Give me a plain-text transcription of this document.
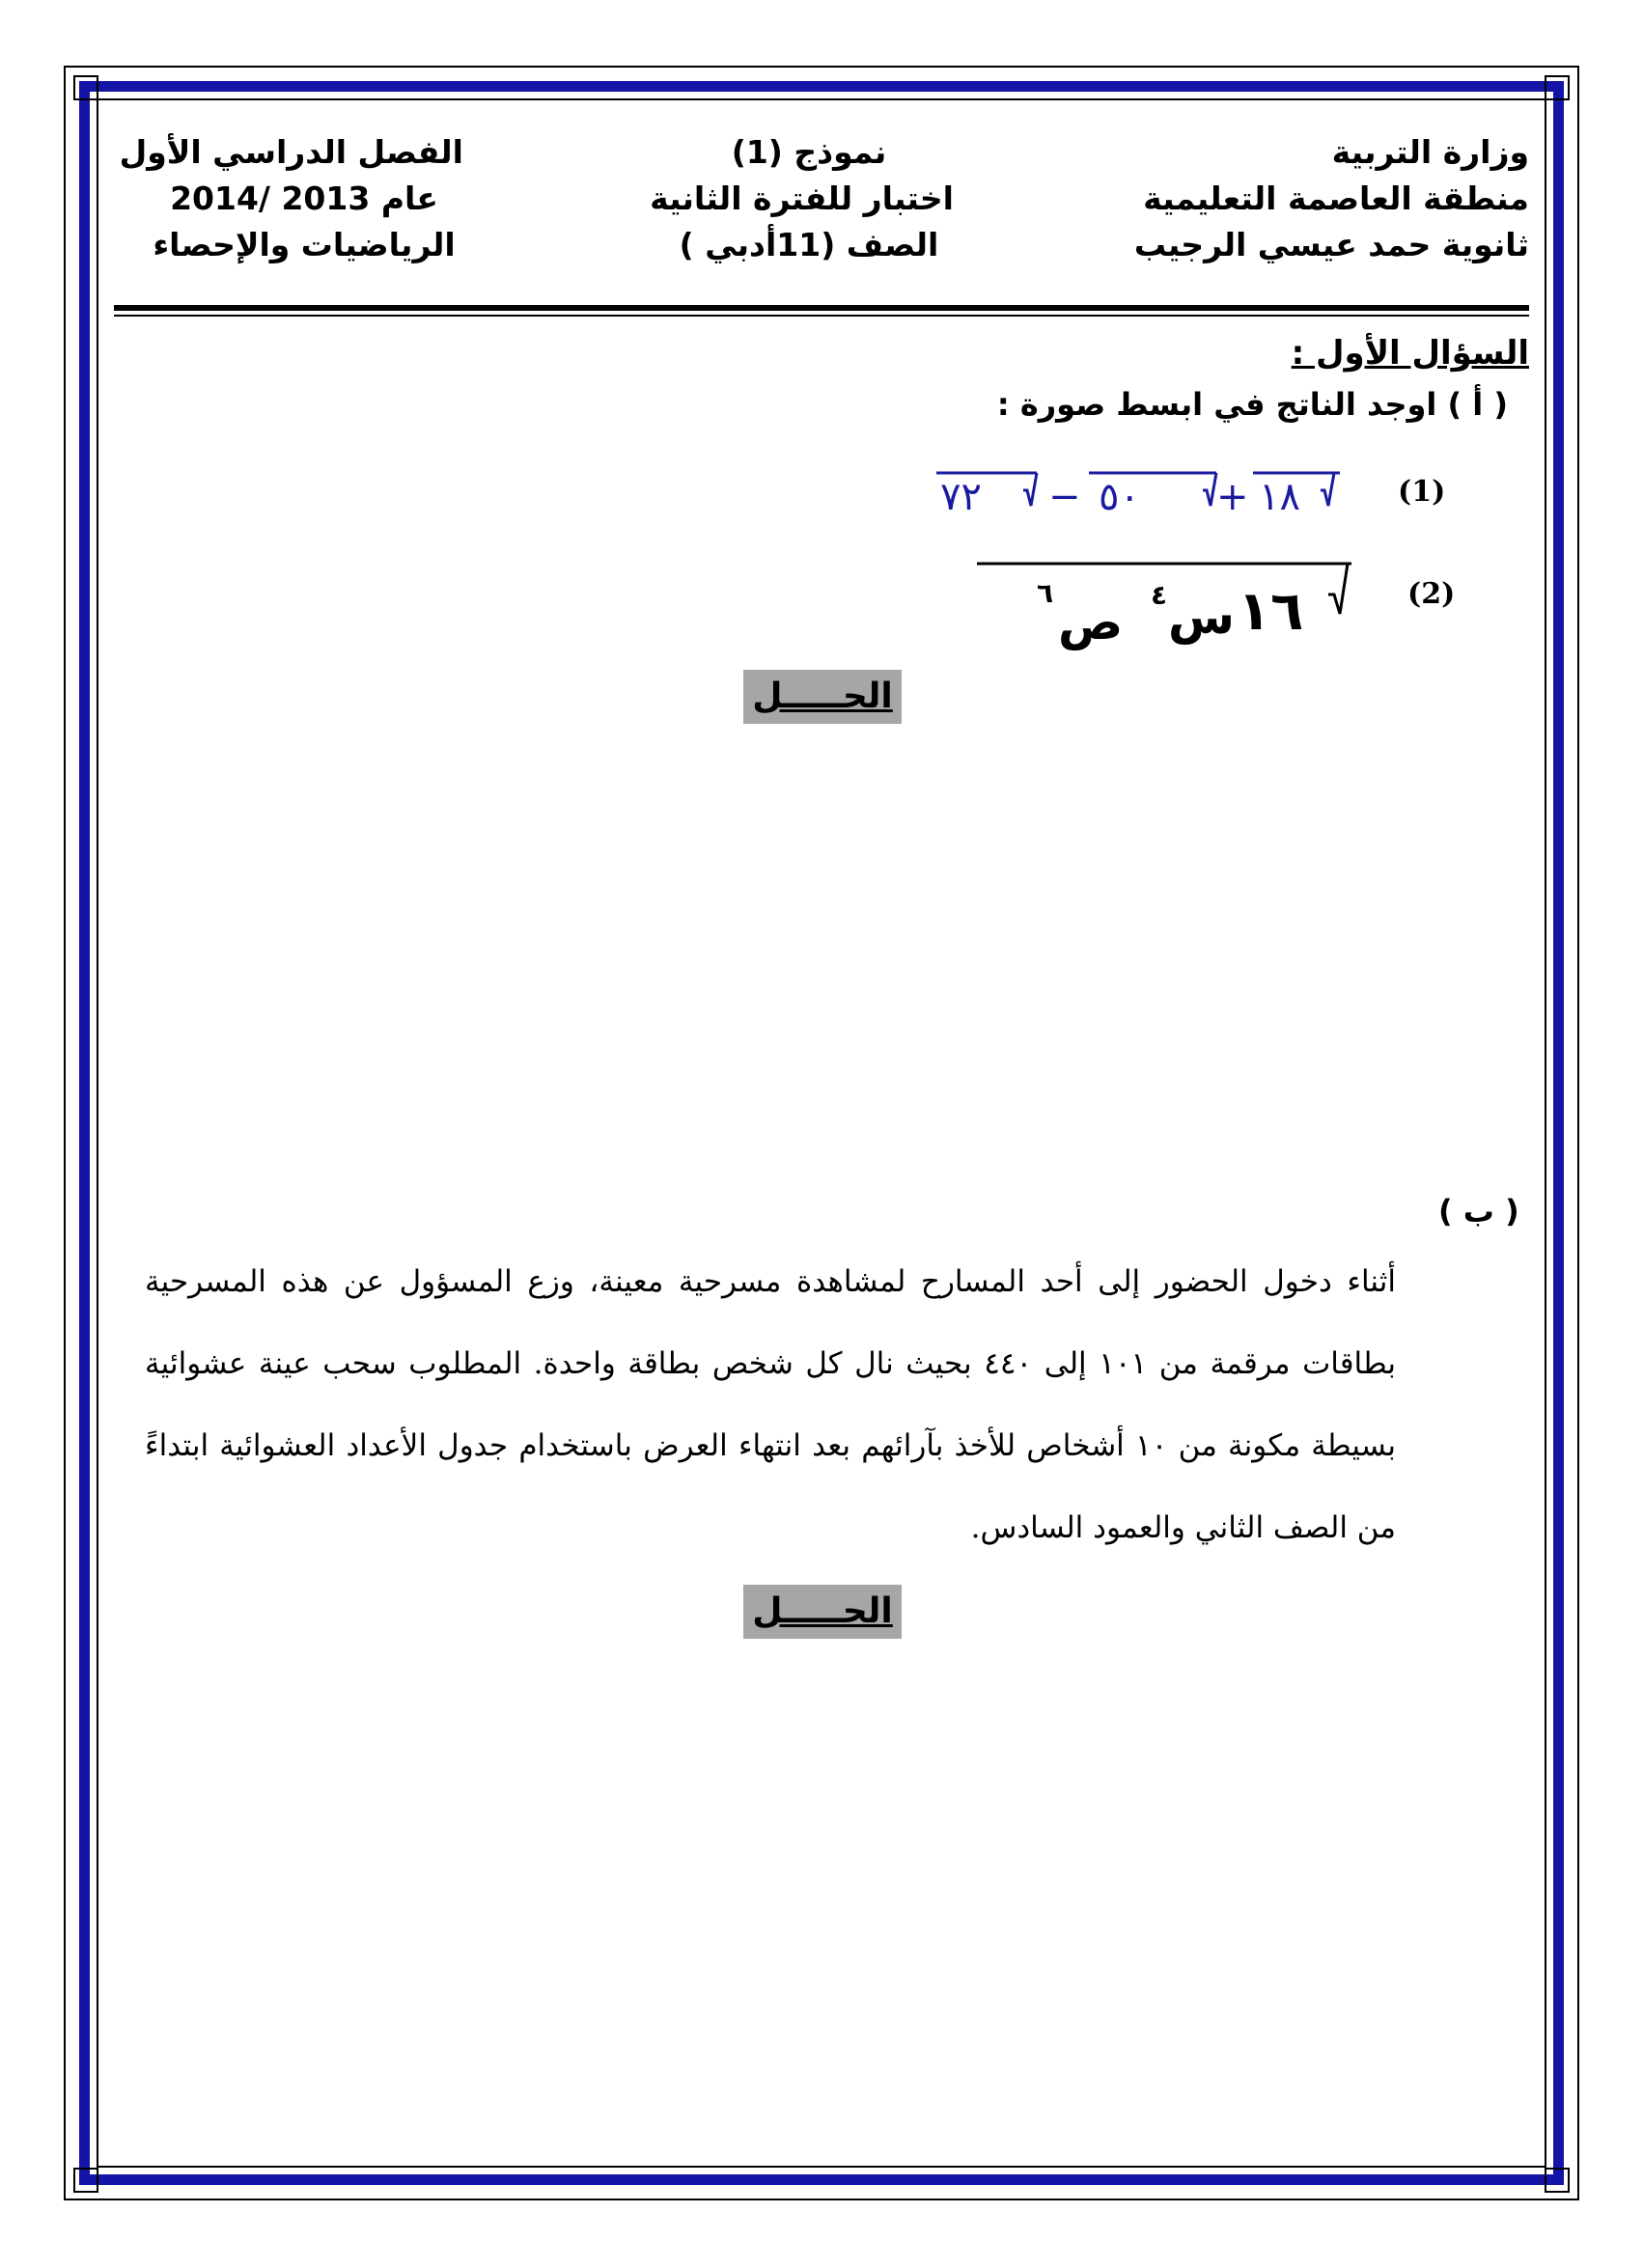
وزارة التربية
منطقة العاصمة التعليمية
ثانوية حمد عيسي الرجيب
نموذج (1)
اختبار للفترة الثانية
الصف (11أدبي )
الفصل الدراسي الأول
عام 2013 /2014
الرياضيات والإحصاء
السؤال الأول :
( أ ) اوجد الناتج في ابسط صورة :
(1)
١٨
+
٥٠
−
٧٢
(2)
١٦
س
٤
ص
٦
الحـــــل
( ب )
أثناء دخول الحضور إلى أحد المسارح لمشاهدة مسرحية معينة، وزع المسؤول عن هذه المسرحية بطاقات مرقمة من ١٠١ إلى ٤٤٠ بحيث نال كل شخص بطاقة واحدة. المطلوب سحب عينة عشوائية بسيطة مكونة من ١٠ أشخاص للأخذ بآرائهم بعد انتهاء العرض باستخدام جدول الأعداد العشوائية ابتداءً من الصف الثاني والعمود السادس.
الحـــــل
